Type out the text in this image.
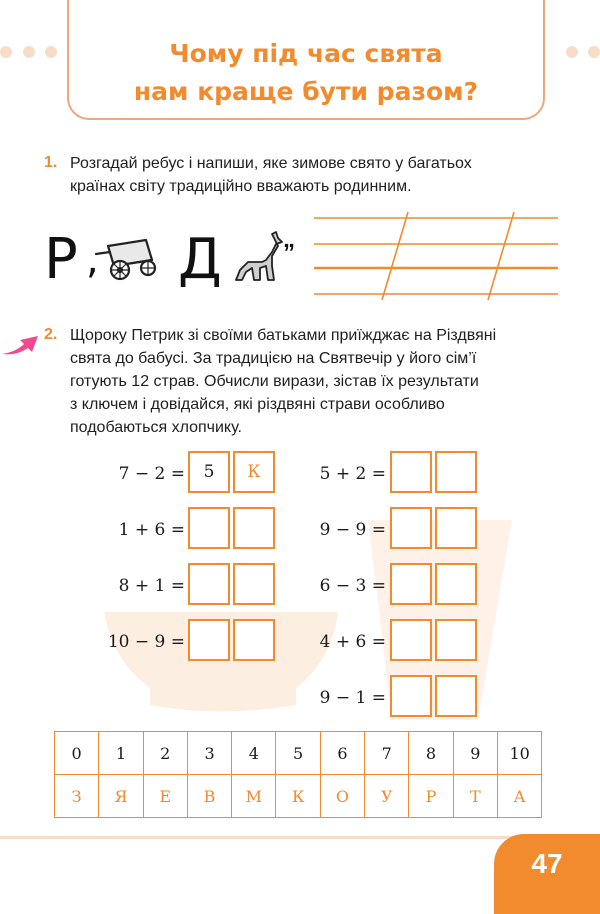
Чому під час свята
нам краще бути разом?
1. Розгадай ребус і напиши, яке зимове свято у багатьох
країнах світу традиційно вважають родинним.
Р , Д	„
2. Щороку Петрик зі своїми батьками приїжджає на Різдвяні
свята до бабусі. За традицією на Святвечір у його сім’ї
готують 12 страв. Обчисли вирази, зістав їх результати
з ключем і довідайся, які різдвяні страви особливо
подобаються хлопчику.
7 − 2 =	5	К
1 + 6 =
8 + 1 =
10 − 9 =
5 + 2 =
9 − 9 =
6 − 3 =
4 + 6 =
9 − 1 =
0	1	2	3	4	5	6	7	8	9	10
З	Я	Е	В	М	К	О	У	Р	Т	А
47
